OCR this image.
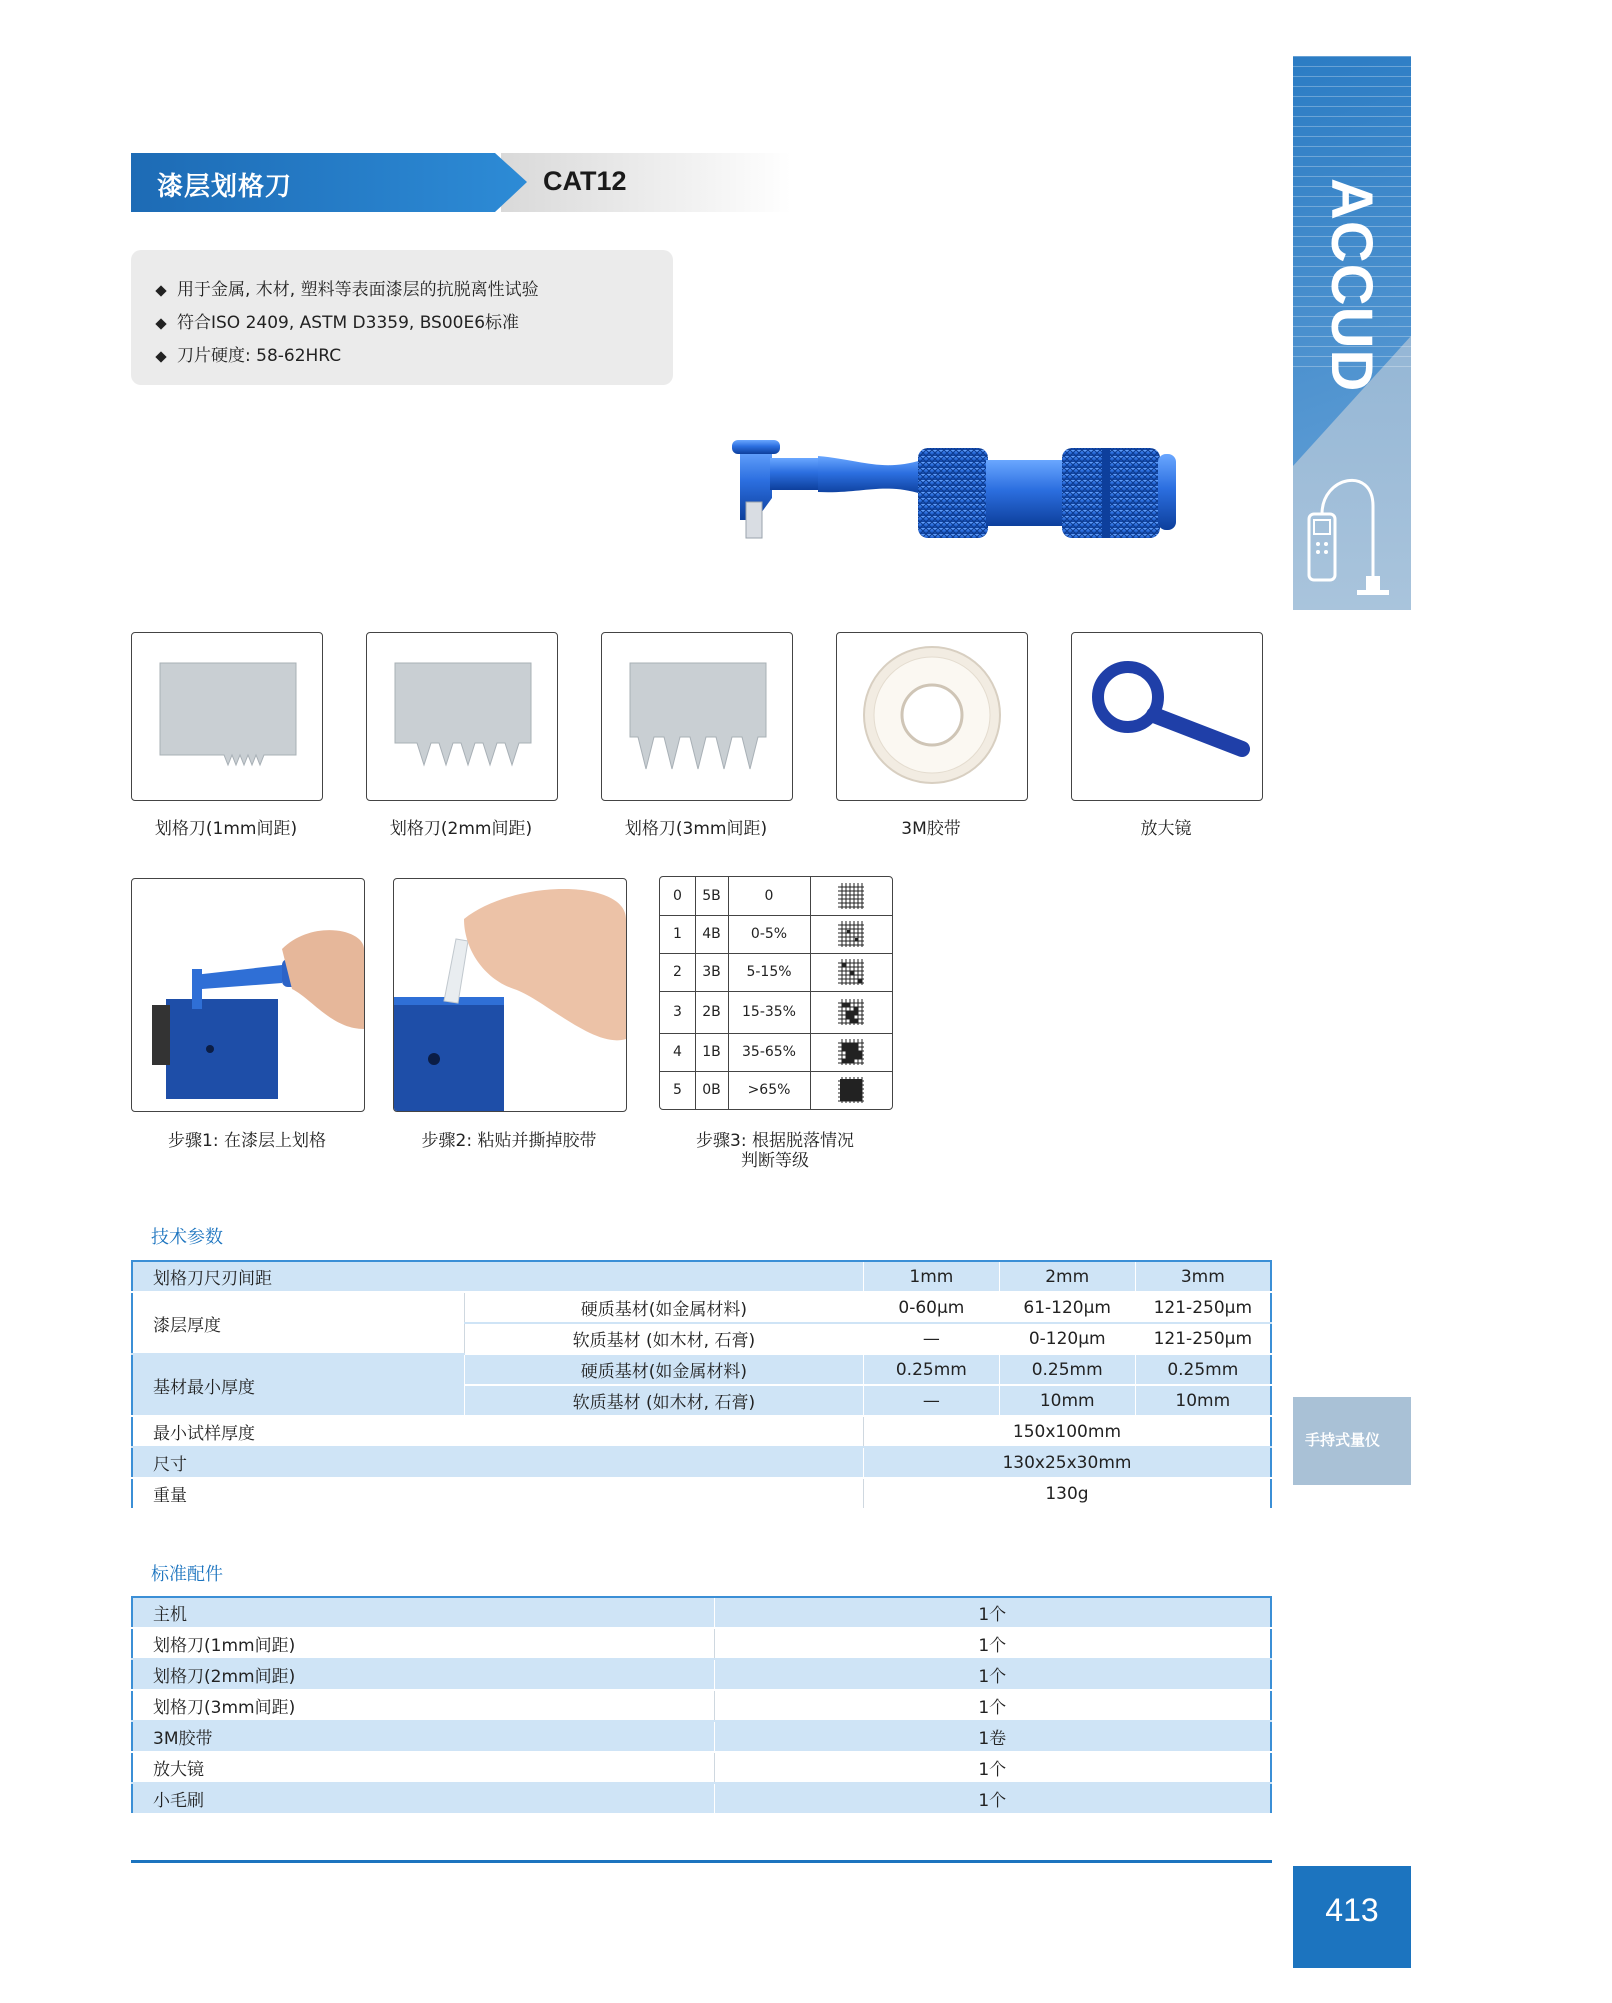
漆层划格刀	CAT12
用于金属, 木材, 塑料等表面漆层的抗脱离性试验
符合ISO 2409, ASTM D3359, BS00E6标准
刀片硬度: 58-62HRC	ACCUD
手持式量仪
413
划格刀(1mm间距)	划格刀(2mm间距)	划格刀(3mm间距)	3M胶带	放大镜
步骤1: 在漆层上划格	步骤2: 粘贴并撕掉胶带
0	5B	0
1	4B	0-5%
2	3B	5-15%
3	2B	15-35%
4	1B	35-65%
5	0B	>65%
步骤3: 根据脱落情况
判断等级
技术参数
划格刀尺刃间距		1mm	2mm	3mm
漆层厚度	硬质基材(如金属材料)	0-60μm	61-120μm	121-250μm
	软质基材 (如木材, 石膏)	—	0-120μm	121-250μm
基材最小厚度	硬质基材(如金属材料)	0.25mm	0.25mm	0.25mm
	软质基材 (如木材, 石膏)	—	10mm	10mm
最小试样厚度		150x100mm		
尺寸		130x25x30mm		
重量		130g		
标准配件
主机	1个
划格刀(1mm间距)	1个
划格刀(2mm间距)	1个
划格刀(3mm间距)	1个
3M胶带	1卷
放大镜	1个
小毛刷	1个
